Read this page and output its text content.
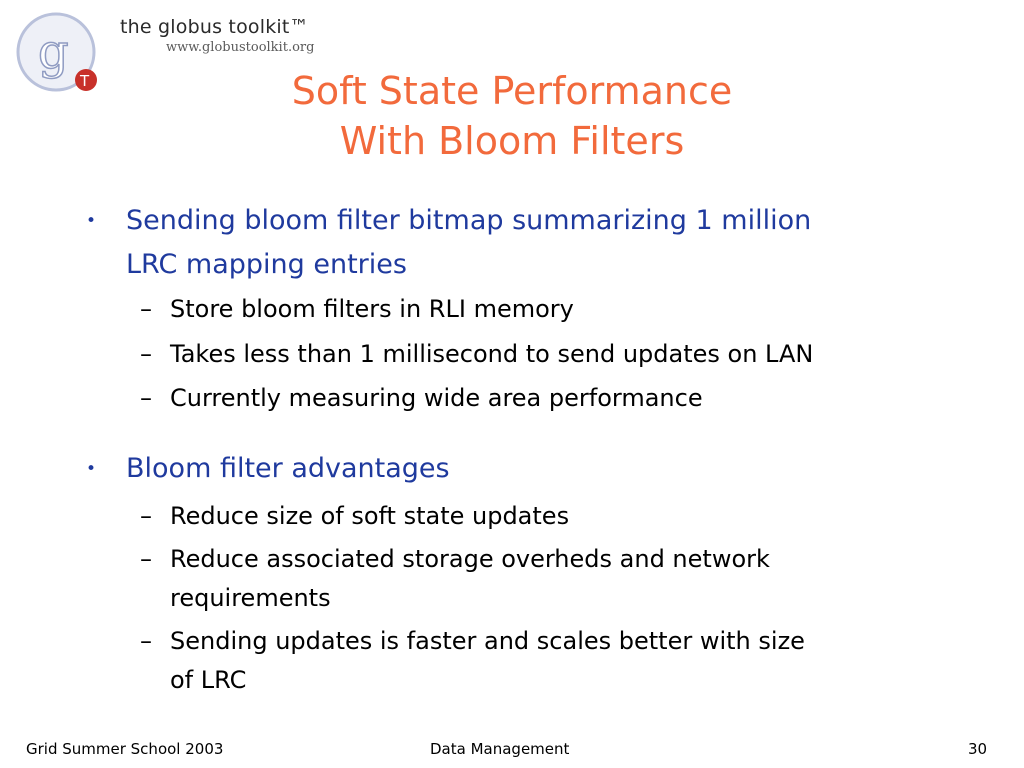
g
T
the globus toolkit™
www.globustoolkit.org
Soft State Performance
With Bloom Filters
• Sending bloom filter bitmap summarizing 1 million
LRC mapping entries
– Store bloom filters in RLI memory
– Takes less than 1 millisecond to send updates on LAN
– Currently measuring wide area performance
• Bloom filter advantages
– Reduce size of soft state updates
– Reduce associated storage overheds and network
requirements
– Sending updates is faster and scales better with size
of LRC
Grid Summer School 2003	Data Management	30
